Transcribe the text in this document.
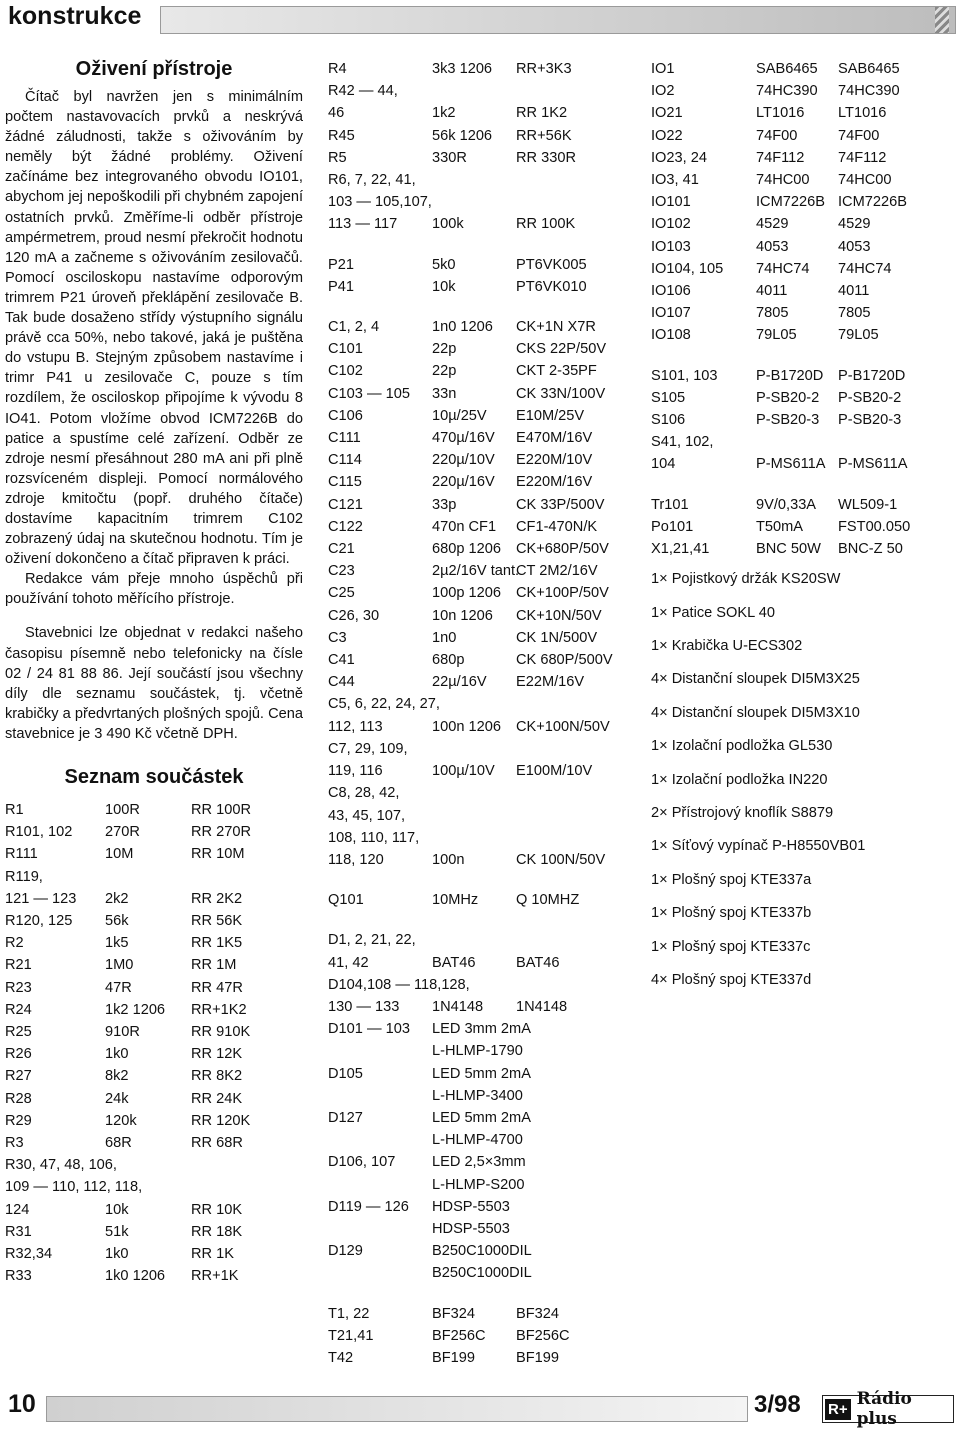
konstrukce
Oživení přístroje

Čítač byl navržen jen s minimálním počtem nastavovacích prvků a neskrývá žádné záludnosti, takže s oživováním by neměly být žádné problémy. Oživení začínáme bez integrovaného obvodu IO101, abychom jej nepoškodili při chybném zapojení ostatních prvků. Změříme-li odběr přístroje ampérmetrem, proud nesmí překročit hodnotu 120 mA a začneme s oživováním zesilovačů. Pomocí osciloskopu nastavíme odporovým trimrem P21 úroveň překlápění zesilovače B. Tak bude dosaženo střídy výstupního signálu právě cca 50%, nebo takové, jaká je puštěna do vstupu B. Stejným způsobem nastavíme i trimr P41 u zesilovače C, pouze s tím rozdílem, že osciloskop připojíme k vývodu 8 IO41. Potom vložíme obvod ICM7226B do patice a spustíme celé zařízení. Odběr ze zdroje nesmí přesáhnout 280 mA ani při plně rozsvíceném displeji. Pomocí normálového zdroje kmitočtu (popř. druhého čítače) dostavíme kapacitním trimrem C102 zobrazený údaj na skutečnou hodnotu. Tím je oživení dokončeno a čítač připraven k práci.

Redakce vám přeje mnoho úspěchů při používání tohoto měřícího přístroje.

Stavebnici lze objednat v redakci našeho časopisu písemně nebo telefonicky na čísle 02 / 24 81 88 86. Její součástí jsou všechny díly dle seznamu součástek, tj. včetně krabičky a předvrtaných plošných spojů. Cena stavebnice je 3 490 Kč včetně DPH.

Seznam součástek
R1	100R	RR 100R
R101, 102	270R	RR 270R
R111	10M	RR 10M
R119,		
121 — 123	2k2	RR 2K2
R120, 125	56k	RR 56K
R2	1k5	RR 1K5
R21	1M0	RR 1M
R23	47R	RR 47R
R24	1k2 1206	RR+1K2
R25	910R	RR 910K
R26	1k0	RR 12K
R27	8k2	RR 8K2
R28	24k	RR 24K
R29	120k	RR 120K
R3	68R	RR 68R
R30, 47, 48, 106,		
109 — 110, 112, 118,		
124	10k	RR 10K
R31	51k	RR 18K
R32,34	1k0	RR 1K
R33	1k0 1206	RR+1K
R4	3k3 1206	RR+3K3
R42 — 44,		
46	1k2	RR 1K2
R45	56k 1206	RR+56K
R5	330R	RR 330R
R6, 7, 22, 41,		
103 — 105,107,		
113 — 117	100k	RR 100K

P21	5k0	PT6VK005
P41	10k	PT6VK010

C1, 2, 4	1n0 1206	CK+1N X7R
C101	22p	CKS 22P/50V
C102	22p	CKT 2-35PF
C103 — 105	33n	CK 33N/100V
C106	10µ/25V	E10M/25V
C111	470µ/16V	E470M/16V
C114	220µ/10V	E220M/10V
C115	220µ/16V	E220M/16V
C121	33p	CK 33P/500V
C122	470n CF1	CF1-470N/K
C21	680p 1206	CK+680P/50V
C23	2µ2/16V tant.	CT 2M2/16V
C25	100p 1206	CK+100P/50V
C26, 30	10n 1206	CK+10N/50V
C3	1n0	CK 1N/500V
C41	680p	CK 680P/500V
C44	22µ/16V	E22M/16V
C5, 6, 22, 24, 27,		
112, 113	100n 1206	CK+100N/50V
C7, 29, 109,		
119, 116	100µ/10V	E100M/10V
C8, 28, 42,		
43, 45, 107,		
108, 110, 117,		
118, 120	100n	CK 100N/50V

Q101	10MHz	Q 10MHZ

D1, 2, 21, 22,		
41, 42	BAT46	BAT46
D104,108 — 118,128,		
130 — 133	1N4148	1N4148
D101 — 103	LED 3mm 2mA	
	L-HLMP-1790	
D105	LED 5mm 2mA	
	L-HLMP-3400	
D127	LED 5mm 2mA	
	L-HLMP-4700	
D106, 107	LED 2,5×3mm	
	L-HLMP-S200	
D119 — 126	HDSP-5503	
	HDSP-5503	
D129	B250C1000DIL	
	B250C1000DIL	

T1, 22	BF324	BF324
T21,41	BF256C	BF256C
T42	BF199	BF199
IO1	SAB6465	SAB6465
IO2	74HC390	74HC390
IO21	LT1016	LT1016
IO22	74F00	74F00
IO23, 24	74F112	74F112
IO3, 41	74HC00	74HC00
IO101	ICM7226B	ICM7226B
IO102	4529	4529
IO103	4053	4053
IO104, 105	74HC74	74HC74
IO106	4011	4011
IO107	7805	7805
IO108	79L05	79L05

S101, 103	P-B1720D	P-B1720D
S105	P-SB20-2	P-SB20-2
S106	P-SB20-3	P-SB20-3
S41, 102,		
104	P-MS611A	P-MS611A

Tr101	9V/0,33A	WL509-1
Po101	T50mA	FST00.050
X1,21,41	BNC 50W	BNC-Z 50
1× Pojistkový držák KS20SW
1× Patice SOKL 40
1× Krabička U-ECS302
4× Distanční sloupek DI5M3X25
4× Distanční sloupek DI5M3X10
1× Izolační podložka GL530
1× Izolační podložka IN220
2× Přístrojový knoflík S8879
1× Síťový vypínač P-H8550VB01
1× Plošný spoj KTE337a
1× Plošný spoj KTE337b
1× Plošný spoj KTE337c
4× Plošný spoj KTE337d
10	3/98 R+ Rádio plus
